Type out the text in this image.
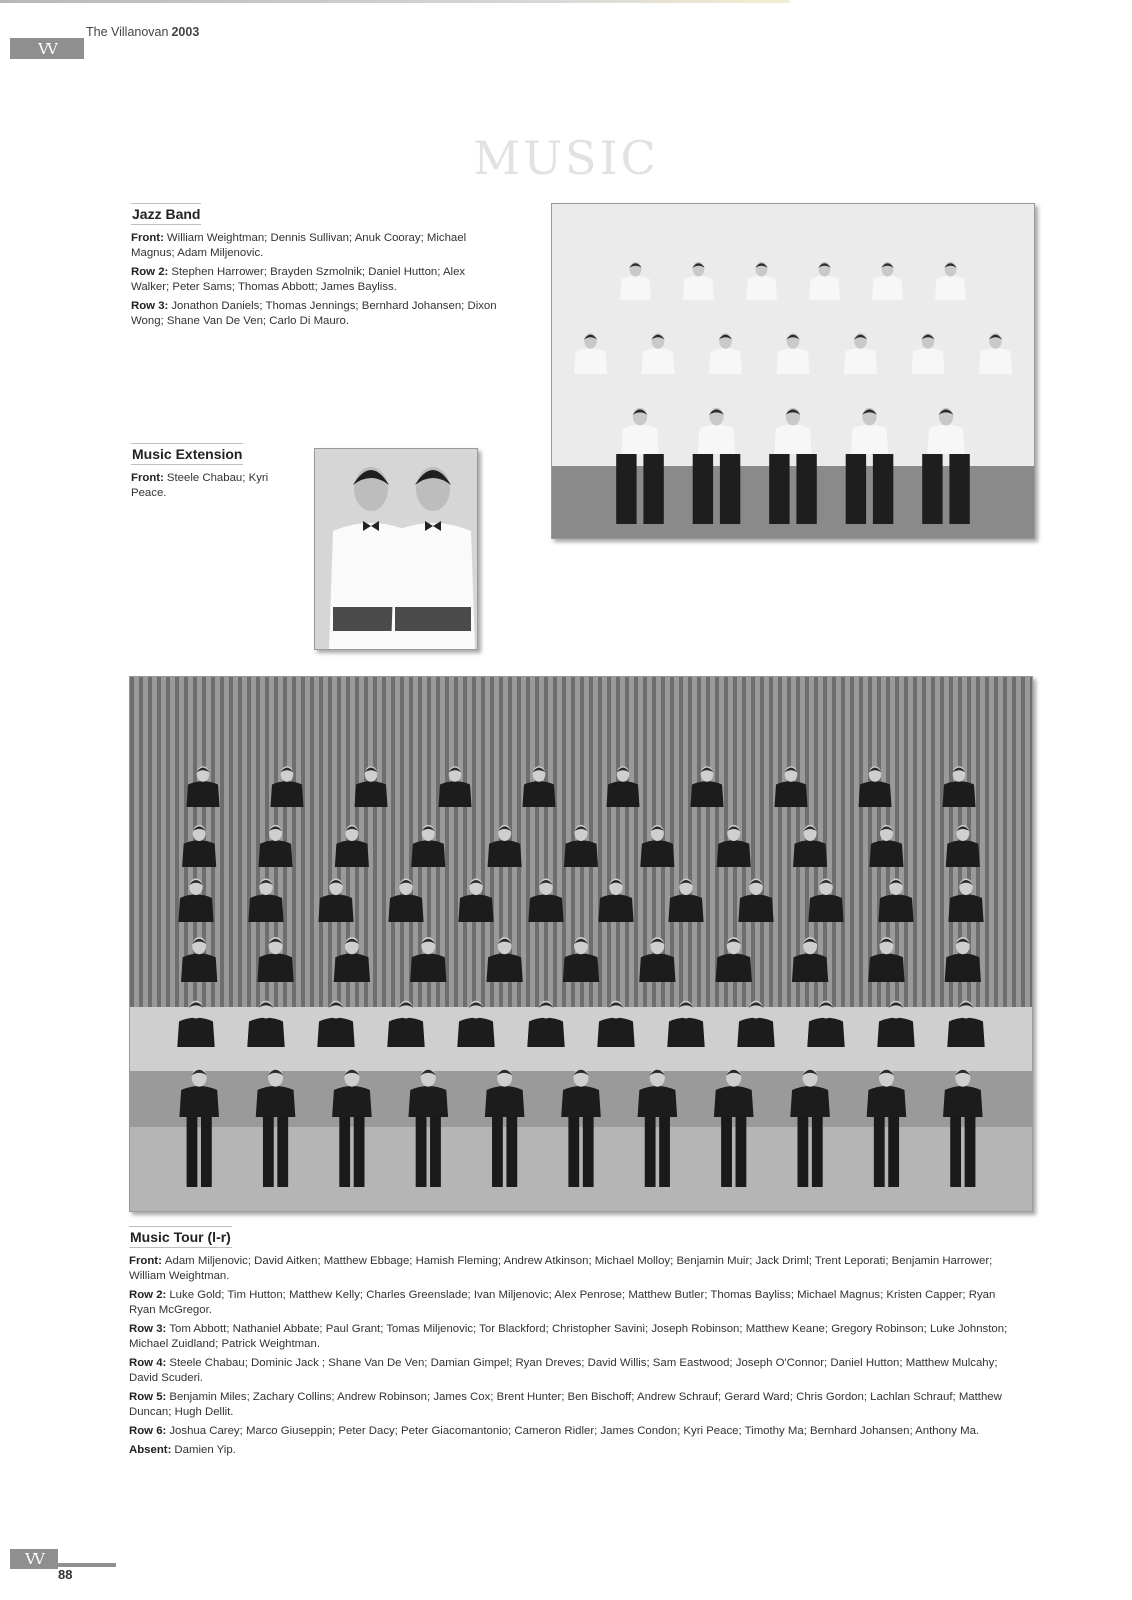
VV
The Villanovan 2003
MUSIC
Jazz Band

Front: William Weightman; Dennis Sullivan; Anuk Cooray; Michael Magnus; Adam Miljenovic.

Row 2: Stephen Harrower; Brayden Szmolnik; Daniel Hutton; Alex Walker; Peter Sams; Thomas Abbott; James Bayliss.

Row 3: Jonathon Daniels; Thomas Jennings; Bernhard Johansen; Dixon Wong; Shane Van De Ven; Carlo Di Mauro.

Music Extension

Front: Steele Chabau; Kyri Peace.

Music Tour (l-r)

Front: Adam Miljenovic; David Aitken; Matthew Ebbage; Hamish Fleming; Andrew Atkinson; Michael Molloy; Benjamin Muir; Jack Driml; Trent Leporati; Benjamin Harrower; William Weightman.

Row 2: Luke Gold; Tim Hutton; Matthew Kelly; Charles Greenslade; Ivan Miljenovic; Alex Penrose; Matthew Butler; Thomas Bayliss; Michael Magnus; Kristen Capper; Ryan Ryan McGregor.

Row 3: Tom Abbott; Nathaniel Abbate; Paul Grant; Tomas Miljenovic; Tor Blackford; Christopher Savini; Joseph Robinson; Matthew Keane; Gregory Robinson; Luke Johnston; Michael Zuidland; Patrick Weightman.

Row 4: Steele Chabau; Dominic Jack ; Shane Van De Ven; Damian Gimpel; Ryan Dreves; David Willis; Sam Eastwood; Joseph O'Connor; Daniel Hutton; Matthew Mulcahy; David Scuderi.

Row 5: Benjamin Miles; Zachary Collins; Andrew Robinson; James Cox; Brent Hunter; Ben Bischoff; Andrew Schrauf; Gerard Ward; Chris Gordon; Lachlan Schrauf; Matthew Duncan; Hugh Dellit.

Row 6: Joshua Carey; Marco Giuseppin; Peter Dacy; Peter Giacomantonio; Cameron Ridler; James Condon; Kyri Peace; Timothy Ma; Bernhard Johansen; Anthony Ma.

Absent: Damien Yip.

VV
88
